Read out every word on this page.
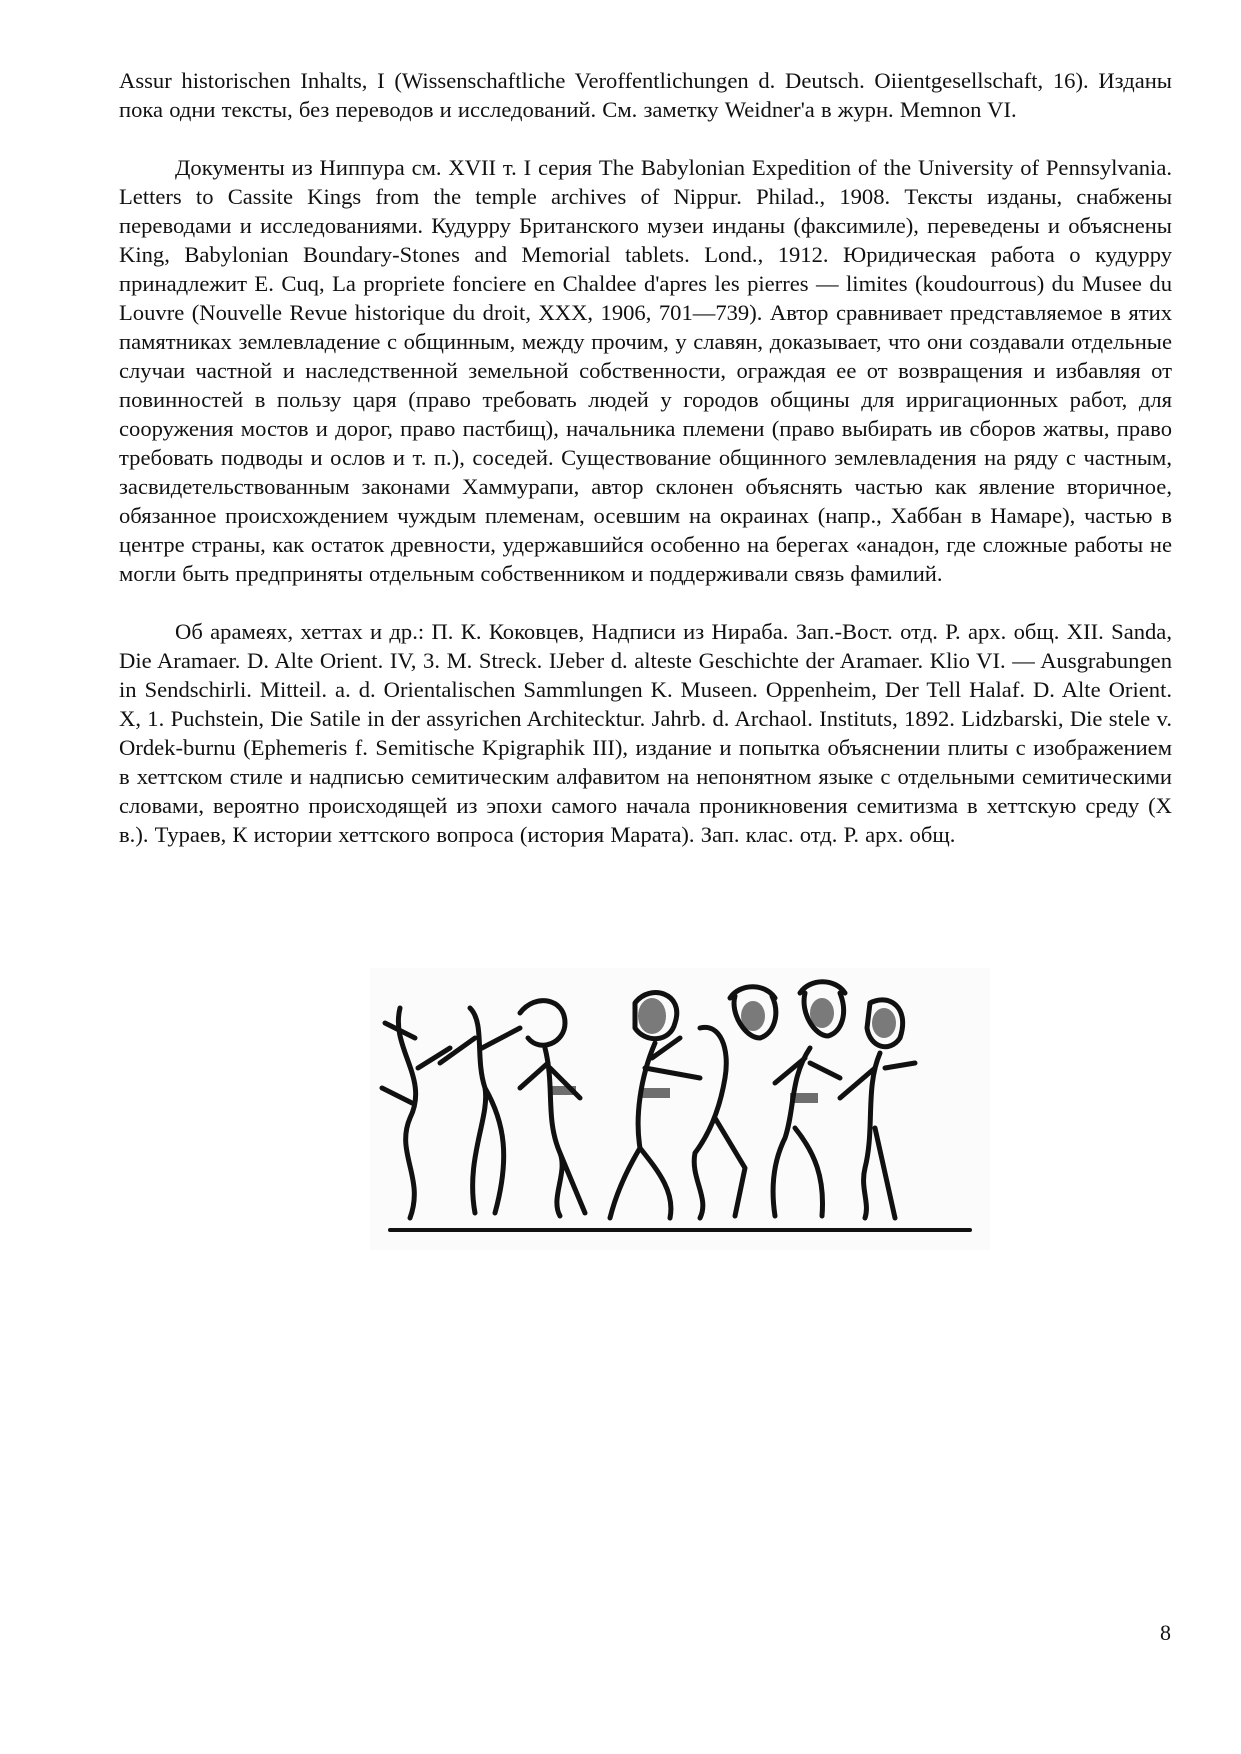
Assur historischen Inhalts, I (Wissenschaftliche Veroffentlichungen d. Deutsch. Oiientgesellschaft, 16). Изданы пока одни тексты, без переводов и исследований. См. заметку Weidner'a в журн. Memnon VI.

Документы из Ниппура см. XVII т. I серия The Babylonian Expedition of the University of Pennsylvania. Letters to Cassite Kings from the temple archives of Nippur. Philad., 1908. Тексты изданы, снабжены переводами и исследованиями. Кудурру Британского музеи инданы (факсимиле), переведены и объяснены King, Babylonian Boundary-Stones and Memorial tablets. Lond., 1912. Юридическая работа о кудурру принадлежит E. Cuq, La propriete fonciere en Chaldee d'apres les pierres — limites (koudourrous) du Musee du Louvre (Nouvelle Revue historique du droit, XXX, 1906, 701—739). Автор сравнивает представляемое в ятих памятниках землевладение с общинным, между прочим, у славян, доказывает, что они создавали отдельные случаи частной и наследственной земельной собственности, ограждая ее от возвращения и избавляя от повинностей в пользу царя (право требовать людей у городов общины для ирригационных работ, для сооружения мостов и дорог, право пастбищ), начальника племени (право выбирать ив сборов жатвы, право требовать подводы и ослов и т. п.), соседей. Существование общинного землевладения на ряду с частным, засвидетельствованным законами Хаммурапи, автор склонен объяснять частью как явление вторичное, обязанное происхождением чуждым племенам, осевшим на окраинах (напр., Хаббан в Намаре), частью в центре страны, как остаток древности, удержавшийся особенно на берегах «анадон, где сложные работы не могли быть предприняты отдельным собственником и поддерживали связь фамилий.

Об арамеях, хеттах и др.: П. К. Коковцев, Надписи из Нираба. Зап.-Вост. отд. Р. арх. общ. XII. Sanda, Die Aramaer. D. Alte Orient. IV, 3. M. Streck. IJeber d. alteste Geschichte der Aramaer. Klio VI. — Ausgrabungen in Sendschirli. Mitteil. a. d. Orientalischen Sammlungen K. Museen. Oppenheim, Der Tell Halaf. D. Alte Orient. X, 1. Puchstein, Die Satile in der assyrichen Architecktur. Jahrb. d. Archaol. Instituts, 1892. Lidzbarski, Die stele v. Ordek-burnu (Ephemeris f. Semitische Kpigraphik III), издание и попытка объяснении плиты с изображением в хеттском стиле и надписью семитическим алфавитом на непонятном языке с отдельными семитическими словами, вероятно происходящей из эпохи самого начала проникновения семитизма в хеттскую среду (X в.). Тураев, К истории хеттского вопроса (история Марата). Зап. клас. отд. Р. арх. общ.

8
